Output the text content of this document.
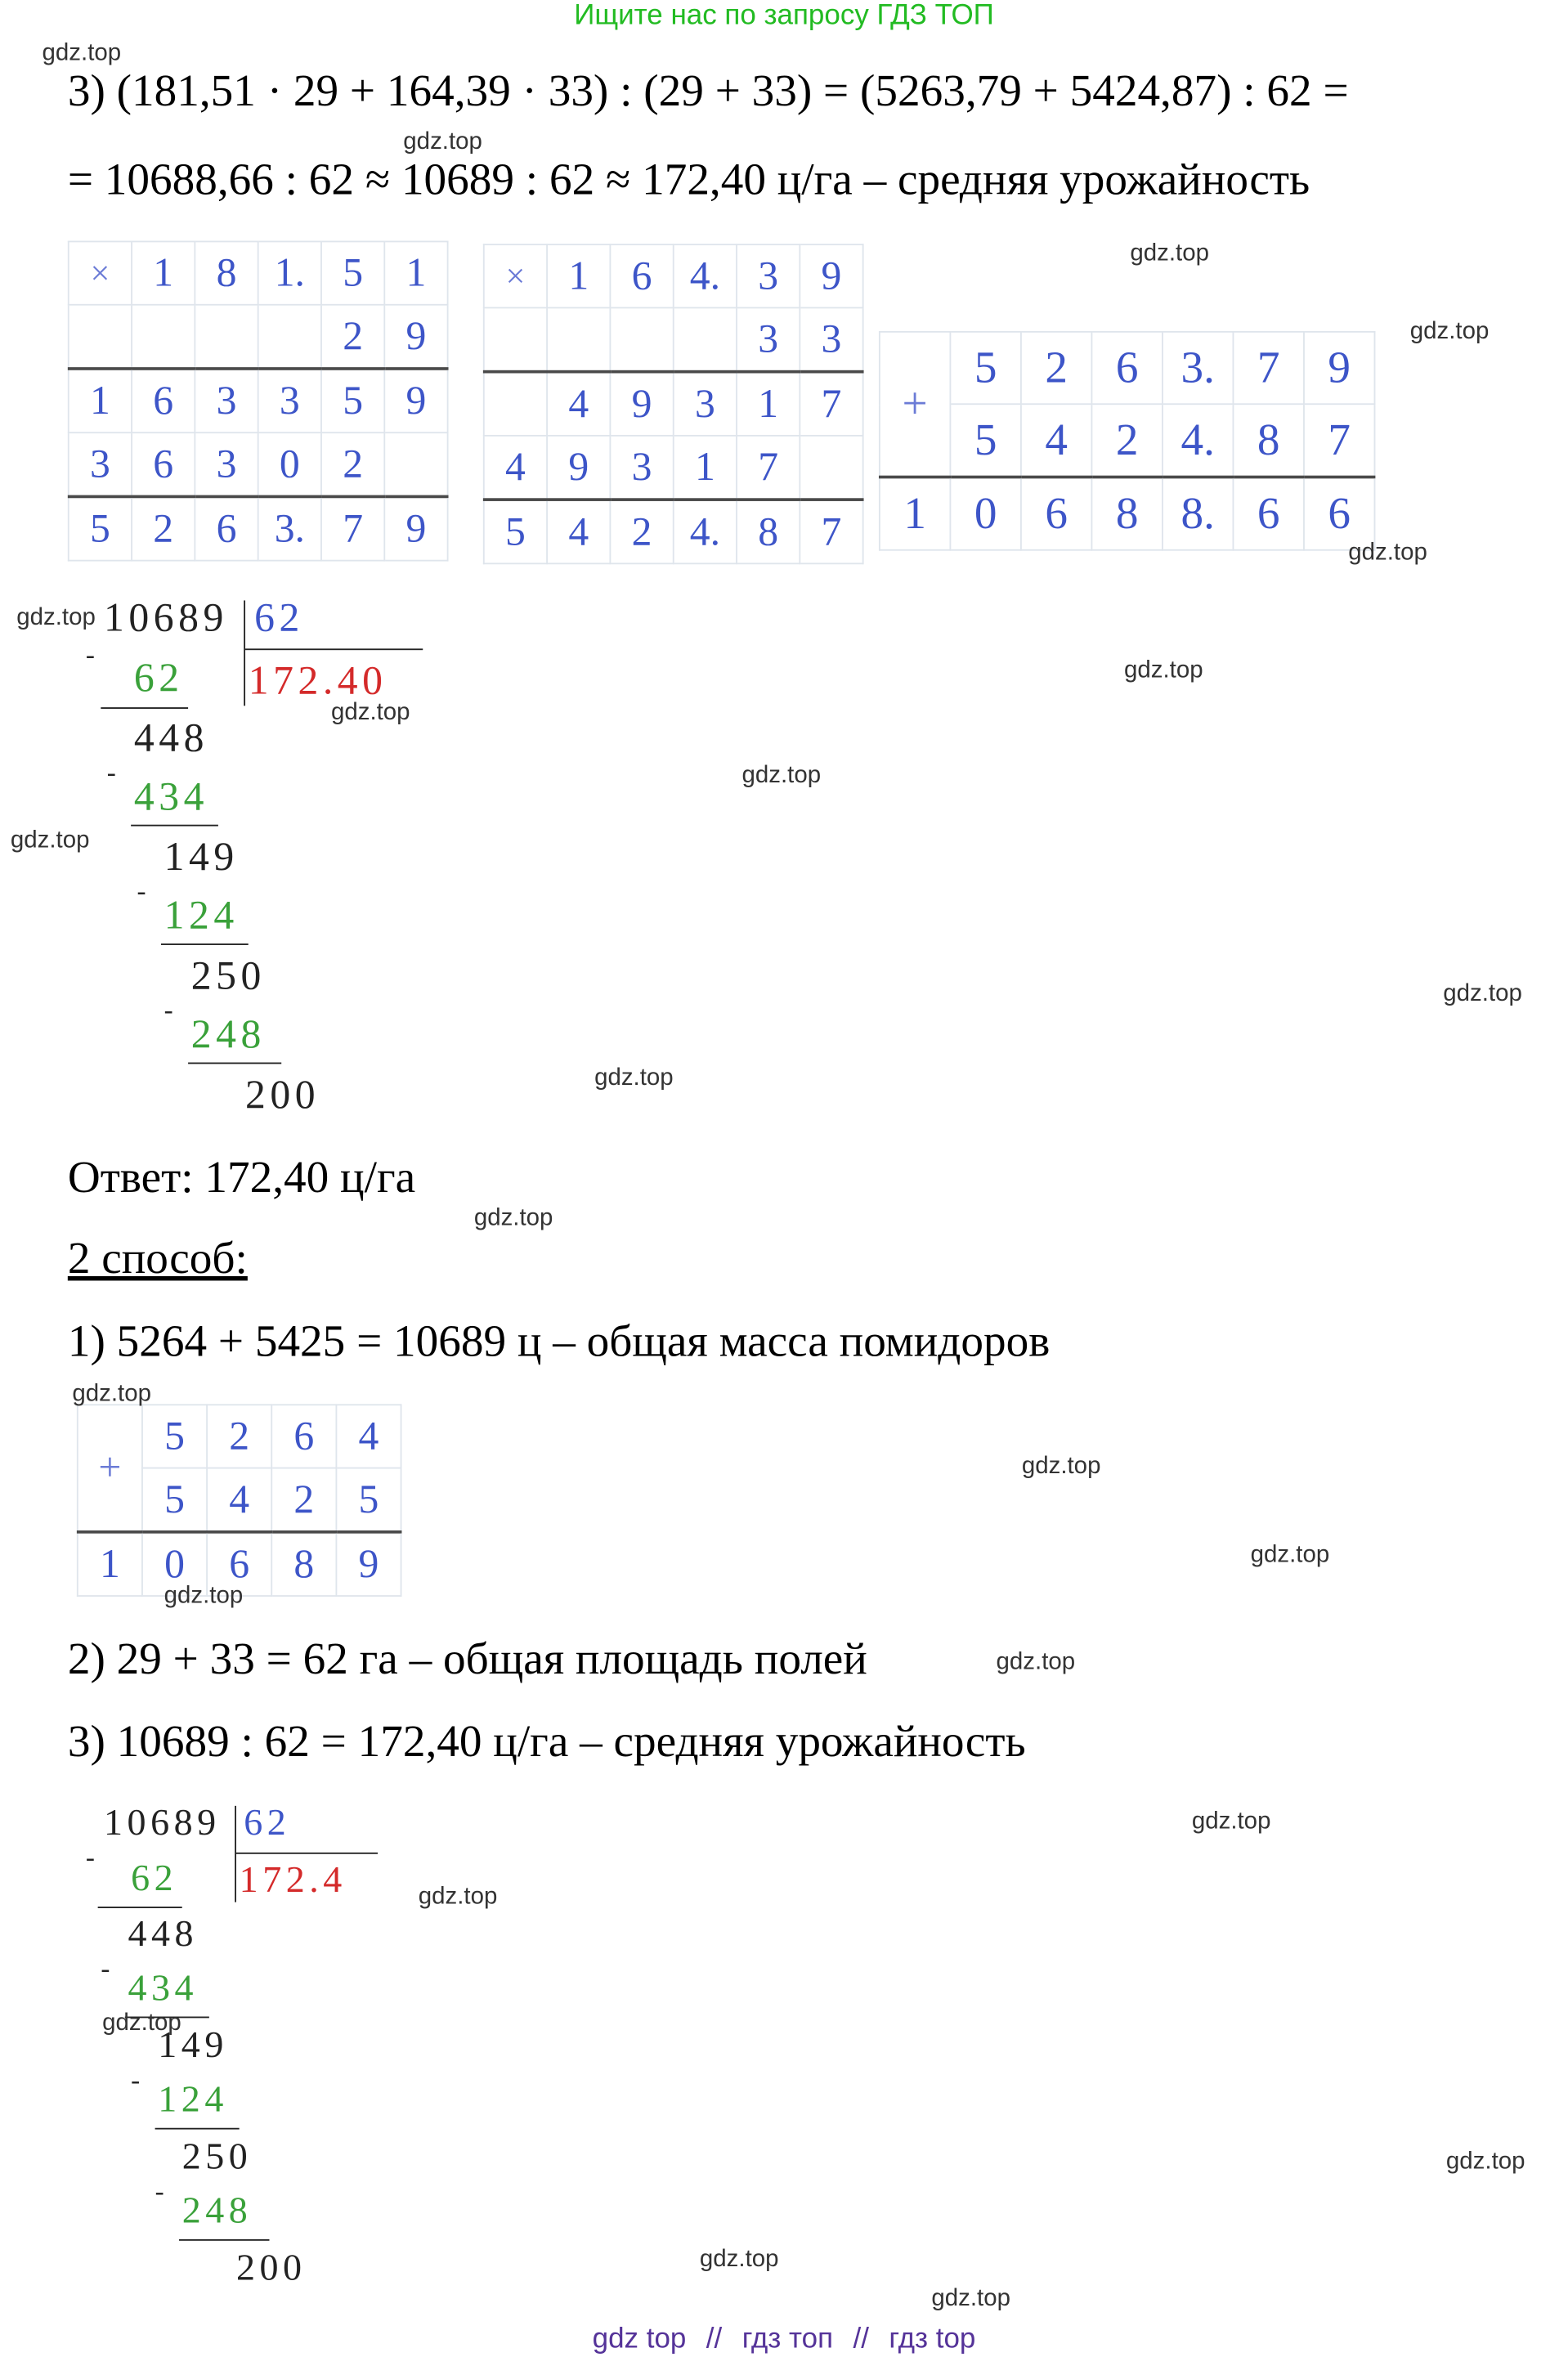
Ищите нас по запросу ГДЗ ТОП
3) (181,51 · 29 + 164,39 · 33) : (29 + 33) = (5263,79 + 5424,87) : 62 =
= 10688,66 : 62 ≈ 10689 : 62 ≈ 172,40 ц/га – средняя урожайность
×	1	8	1.	5	1
				2	9
1	6	3	3	5	9
3	6	3	0	2	
5	2	6	3.	7	9
×	1	6	4.	3	9
				3	3
	4	9	3	1	7
4	9	3	1	7	
5	4	2	4.	8	7
+	5	2	6	3.	7	9
	5	4	2	4.	8	7
1	0	6	8	8.	6	6
10689 62
172.40
-
62
448
-
434
149
-
124
250
-
248
200
Ответ: 172,40 ц/га
2 способ:
1) 5264 + 5425 = 10689 ц – общая масса помидоров
+	5	2	6	4
	5	4	2	5
1	0	6	8	9
2) 29 + 33 = 62 га – общая площадь полей
3) 10689 : 62 = 172,40 ц/га – средняя урожайность
10689 62
172.4
-
62
448
- 434
149
- 124
250
- 248
200
gdz.top
gdz.top
gdz.top
gdz.top
gdz.top
gdz.top
gdz.top
gdz.top
gdz.top
gdz.top
gdz.top
gdz.top
gdz.top
gdz.top
gdz.top
gdz.top
gdz.top
gdz.top
gdz.top
gdz.top
gdz.top
gdz.top
gdz.top
gdz.top
gdz top // гдз топ // гдз top
